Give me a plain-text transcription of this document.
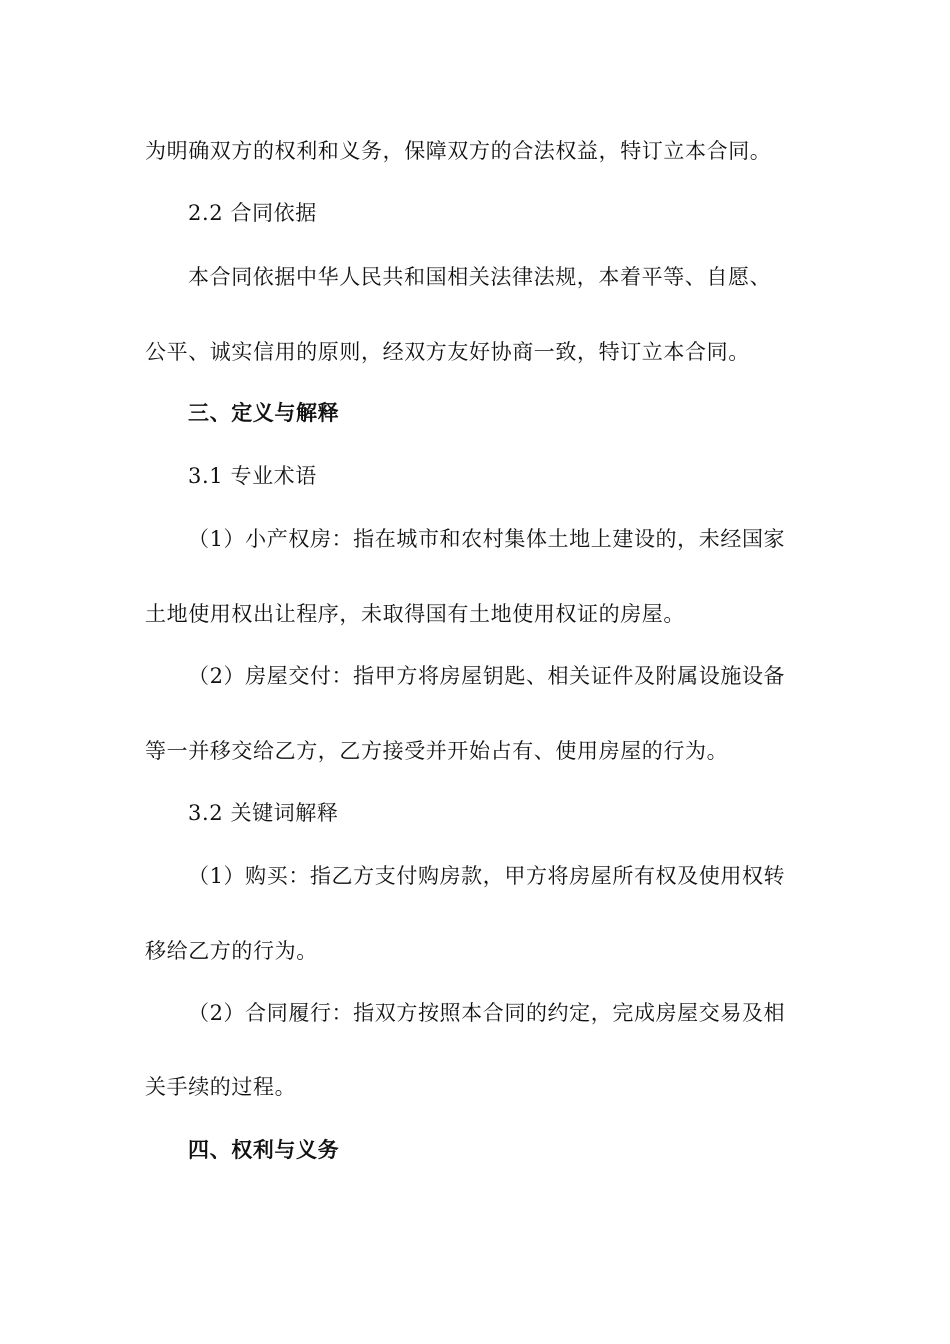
为明确双方的权利和义务，保障双方的合法权益，特订立本合同。
2.2 合同依据
本合同依据中华人民共和国相关法律法规，本着平等、自愿、
公平、诚实信用的原则，经双方友好协商一致，特订立本合同。
三、定义与解释
3.1 专业术语
（1）小产权房：指在城市和农村集体土地上建设的，未经国家
土地使用权出让程序，未取得国有土地使用权证的房屋。
（2）房屋交付：指甲方将房屋钥匙、相关证件及附属设施设备
等一并移交给乙方，乙方接受并开始占有、使用房屋的行为。
3.2 关键词解释
（1）购买：指乙方支付购房款，甲方将房屋所有权及使用权转
移给乙方的行为。
（2）合同履行：指双方按照本合同的约定，完成房屋交易及相
关手续的过程。
四、权利与义务
